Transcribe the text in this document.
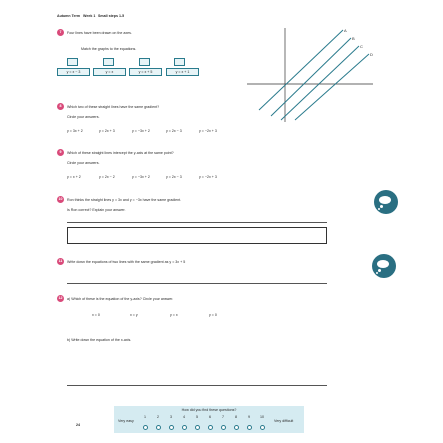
Autumn Term Week 1 Small steps 1-5
7	Four lines have been drawn on the axes.
Match the graphs to the equations.
y = x − 3	y = x	y = x + 5	y = x + 1
A
B
C
D
8	Which two of these straight lines have the same gradient?
Circle your answers.
y = 3x + 2	y = 2x + 3	y = −3x + 2	y = 2x − 3	y = −2x + 3
9	Which of these straight lines intercept the y-axis at the same point?
Circle your answers.
y = x + 2	y = 2x − 2	y = −3x + 2	y = 2x − 3	y = −2x + 3
10	Ron thinks the straight lines y = 3x and y = −3x have the same gradient.
Is Ron correct? Explain your answer.
11	Write down the equations of two lines with the same gradient as y = 3x + 5
12	a) Which of these is the equation of the y-axis? Circle your answer.
x = 0	x = y	y = x	y = 0
b) Write down the equation of the x-axis.
How did you find these questions?
1	2	3	4	5	6	7	8	9	10
Very easy	Very difficult
24
